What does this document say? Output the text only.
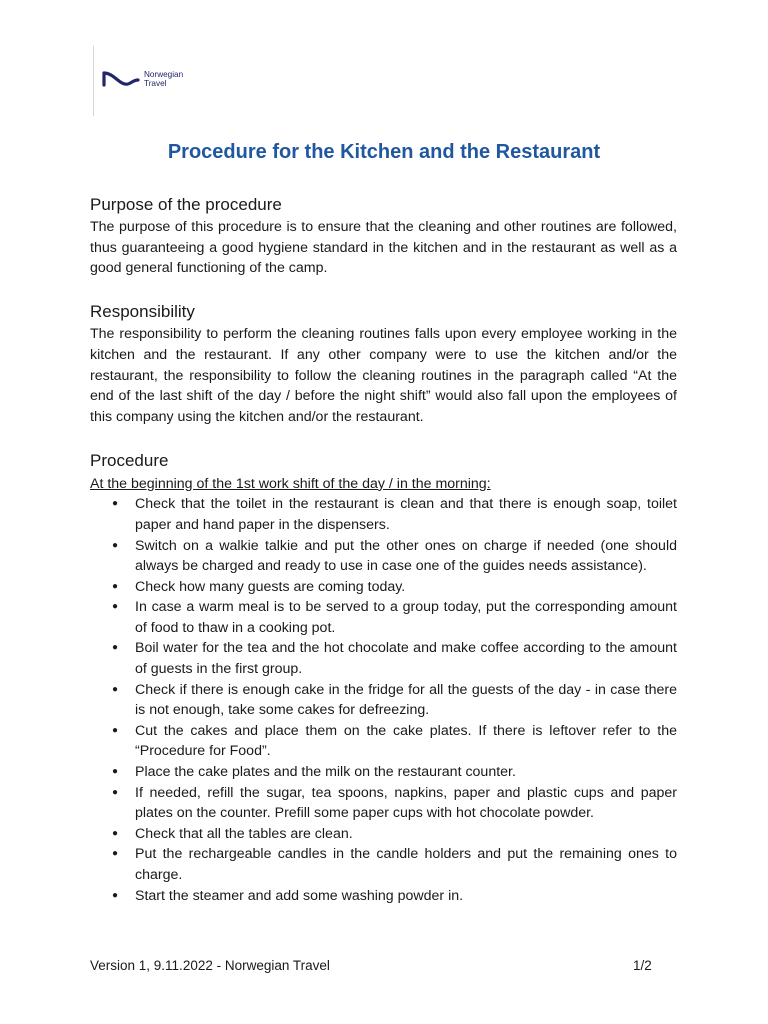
Norwegian
Travel
Procedure for the Kitchen and the Restaurant
Purpose of the procedure

The purpose of this procedure is to ensure that the cleaning and other routines are followed, thus guaranteeing a good hygiene standard in the kitchen and in the restaurant as well as a good general functioning of the camp.

Responsibility

The responsibility to perform the cleaning routines falls upon every employee working in the kitchen and the restaurant. If any other company were to use the kitchen and/or the restaurant, the responsibility to follow the cleaning routines in the paragraph called “At the end of the last shift of the day / before the night shift” would also fall upon the employees of this company using the kitchen and/or the restaurant.

Procedure
At the beginning of the 1st work shift of the day / in the morning:
● Check that the toilet in the restaurant is clean and that there is enough soap, toilet paper and hand paper in the dispensers.
● Switch on a walkie talkie and put the other ones on charge if needed (one should always be charged and ready to use in case one of the guides needs assistance).
● Check how many guests are coming today.
● In case a warm meal is to be served to a group today, put the corresponding amount of food to thaw in a cooking pot.
● Boil water for the tea and the hot chocolate and make coffee according to the amount of guests in the first group.
● Check if there is enough cake in the fridge for all the guests of the day - in case there is not enough, take some cakes for defreezing.
● Cut the cakes and place them on the cake plates. If there is leftover refer to the “Procedure for Food”.
● Place the cake plates and the milk on the restaurant counter.
● If needed, refill the sugar, tea spoons, napkins, paper and plastic cups and paper plates on the counter. Prefill some paper cups with hot chocolate powder.
● Check that all the tables are clean.
● Put the rechargeable candles in the candle holders and put the remaining ones to charge.
● Start the steamer and add some washing powder in.
Version 1, 9.11.2022 - Norwegian Travel	1/2
